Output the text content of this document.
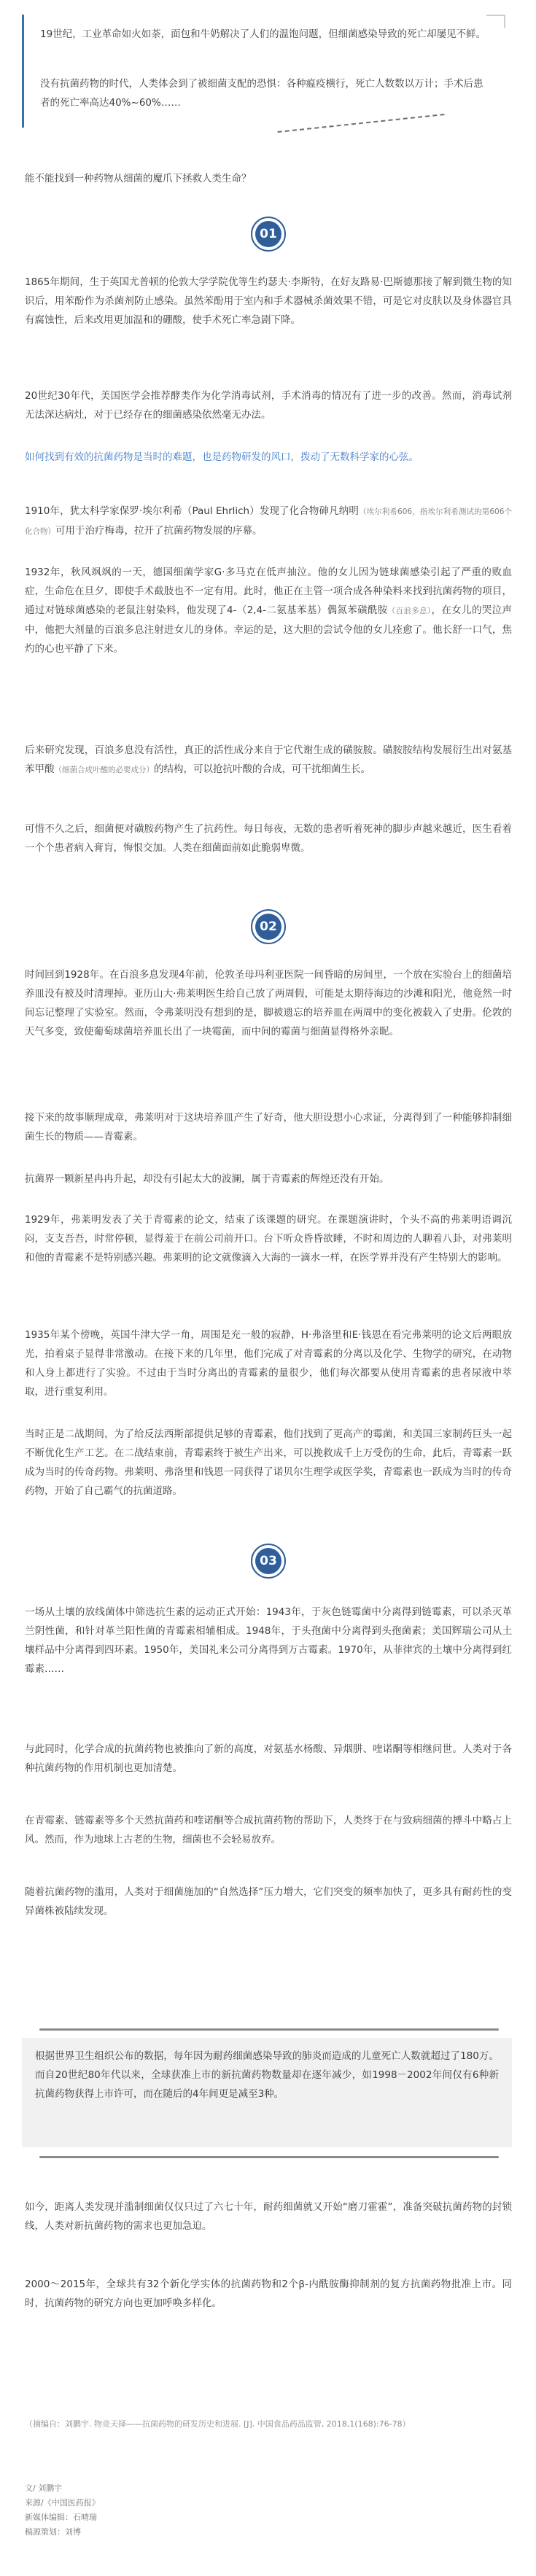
19世纪，工业革命如火如荼，面包和牛奶解决了人们的温饱问题，但细菌感染导致的死亡却屡见不鲜。

没有抗菌药物的时代，人类体会到了被细菌支配的恐惧：各种瘟疫横行，死亡人数数以万计；手术后患者的死亡率高达40%~60%……

能不能找到一种药物从细菌的魔爪下拯救人类生命？

01

1865年期间，生于英国尤普顿的伦敦大学学院优等生约瑟夫·李斯特，在好友路易·巴斯德那接了解到微生物的知识后，用苯酚作为杀菌剂防止感染。虽然苯酚用于室内和手术器械杀菌效果不错，可是它对皮肤以及身体器官具有腐蚀性，后来改用更加温和的硼酸，使手术死亡率急剧下降。

20世纪30年代，美国医学会推荐酵类作为化学消毒试剂，手术消毒的情况有了进一步的改善。然而，消毒试剂无法深达病灶，对于已经存在的细菌感染依然毫无办法。

如何找到有效的抗菌药物是当时的难题，也是药物研发的风口，拨动了无数科学家的心弦。

1910年，犹太科学家保罗·埃尔利希（Paul Ehrlich）发现了化合物砷凡纳明（埃尔利希606，指埃尔利希测试的第606个化合物）可用于治疗梅毒，拉开了抗菌药物发展的序幕。

1932年，秋风飒飒的一天，德国细菌学家G·多马克在低声抽泣。他的女儿因为链球菌感染引起了严重的败血症，生命危在旦夕，即使手术截肢也不一定有用。此时，他正在主管一项合成各种染料来找到抗菌药物的项目，通过对链球菌感染的老鼠注射染料，他发现了4-（2,4-二氨基苯基）偶氮苯磺酰胺（百浪多息），在女儿的哭泣声中，他把大剂量的百浪多息注射进女儿的身体。幸运的是，这大胆的尝试令他的女儿痊愈了。他长舒一口气，焦灼的心也平静了下来。

后来研究发现，百浪多息没有活性，真正的活性成分来自于它代谢生成的磺胺胺。磺胺胺结构发展衍生出对氨基苯甲酸（细菌合成叶酸的必要成分）的结构，可以抢抗叶酸的合成，可干扰细菌生长。

可惜不久之后，细菌便对磺胺药物产生了抗药性。每日每夜，无数的患者听着死神的脚步声越来越近，医生看着一个个患者病入膏肓，悔恨交加。人类在细菌面前如此脆弱卑微。

02

时间回到1928年。在百浪多息发现4年前，伦敦圣母玛利亚医院一间昏暗的房间里，一个放在实验台上的细菌培养皿没有被及时清理掉。亚历山大·弗莱明医生给自己放了两周假，可能是太期待海边的沙滩和阳光，他竟然一时间忘记整理了实验室。然而，令弗莱明没有想到的是，脚被遗忘的培养皿在两周中的变化被载入了史册。伦敦的天气多变，致使葡萄球菌培养皿长出了一块霉菌，而中间的霉菌与细菌显得格外亲昵。

接下来的故事顺理成章，弗莱明对于这块培养皿产生了好奇，他大胆设想小心求证，分离得到了一种能够抑制细菌生长的物质——青霉素。

抗菌界一颗新星冉冉升起，却没有引起太大的波澜，属于青霉素的辉煌还没有开始。

1929年，弗莱明发表了关于青霉素的论文，结束了该课题的研究。在课题演讲时，个头不高的弗莱明语调沉闷，支支吾吾，时常停顿，显得羞于在前公司前开口。台下听众昏昏欲睡，不时和周边的人聊着八卦，对弗莱明和他的青霉素不是特别感兴趣。弗莱明的论文就像滴入大海的一滴水一样，在医学界并没有产生特别大的影响。

1935年某个傍晚，英国牛津大学一角，周围是充一般的寂静，H·弗洛里和E·钱恩在看完弗莱明的论文后两眼放光，拍着桌子显得非常激动。在接下来的几年里，他们完成了对青霉素的分离以及化学、生物学的研究，在动物和人身上都进行了实验。不过由于当时分离出的青霉素的量很少，他们每次都要从使用青霉素的患者尿液中萃取，进行重复利用。

当时正是二战期间，为了给反法西斯部提供足够的青霉素，他们找到了更高产的霉菌，和美国三家制药巨头一起不断优化生产工艺。在二战结束前，青霉素终于被生产出来，可以挽救成千上万受伤的生命，此后，青霉素一跃成为当时的传奇药物。弗莱明、弗洛里和钱恩一同获得了诺贝尔生理学或医学奖，青霉素也一跃成为当时的传奇药物，开始了自己霸气的抗菌道路。

03

一场从土壤的放线菌体中筛选抗生素的运动正式开始：1943年，于灰色链霉菌中分离得到链霉素，可以杀灭革兰阴性菌，和针对革兰阳性菌的青霉素相辅相成。1948年，于头孢菌中分离得到头孢菌素；美国辉瑞公司从土壤样品中分离得到四环素。1950年，美国礼来公司分离得到万古霉素。1970年，从菲律宾的土壤中分离得到红霉素……

与此同时，化学合成的抗菌药物也被推向了新的高度，对氨基水杨酸、异烟肼、喹诺酮等相继问世。人类对于各种抗菌药物的作用机制也更加清楚。

在青霉素、链霉素等多个天然抗菌药和喹诺酮等合成抗菌药物的帮助下，人类终于在与致病细菌的搏斗中略占上风。然而，作为地球上古老的生物，细菌也不会轻易放弃。

随着抗菌药物的滥用，人类对于细菌施加的“自然选择”压力增大，它们突变的频率加快了，更多具有耐药性的变异菌株被陆续发现。

根据世界卫生组织公布的数据，每年因为耐药细菌感染导致的肺炎而造成的儿童死亡人数就超过了180万。而自20世纪80年代以来，全球获准上市的新抗菌药物数量却在逐年减少，如1998－2002年间仅有6种新抗菌药物获得上市许可，而在随后的4年间更是减至3种。

如今，距离人类发现并滥制细菌仅仅只过了六七十年，耐药细菌就又开始“磨刀霍霍”，准备突破抗菌药物的封锁线，人类对新抗菌药物的需求也更加急迫。

2000～2015年，全球共有32个新化学实体的抗菌药物和2个β-内酰胺酶抑制剂的复方抗菌药物批准上市。同时，抗菌药物的研究方向也更加呼唤多样化。

（摘编自：刘鹏宇. 物竞天择——抗菌药物的研发历史和进展. [J]. 中国食品药品监管, 2018,1(168):76-78）

文/ 刘鹏宇

来源/《中国医药报》

新媒体编辑：石晴瑞

稿源策划：刘博
